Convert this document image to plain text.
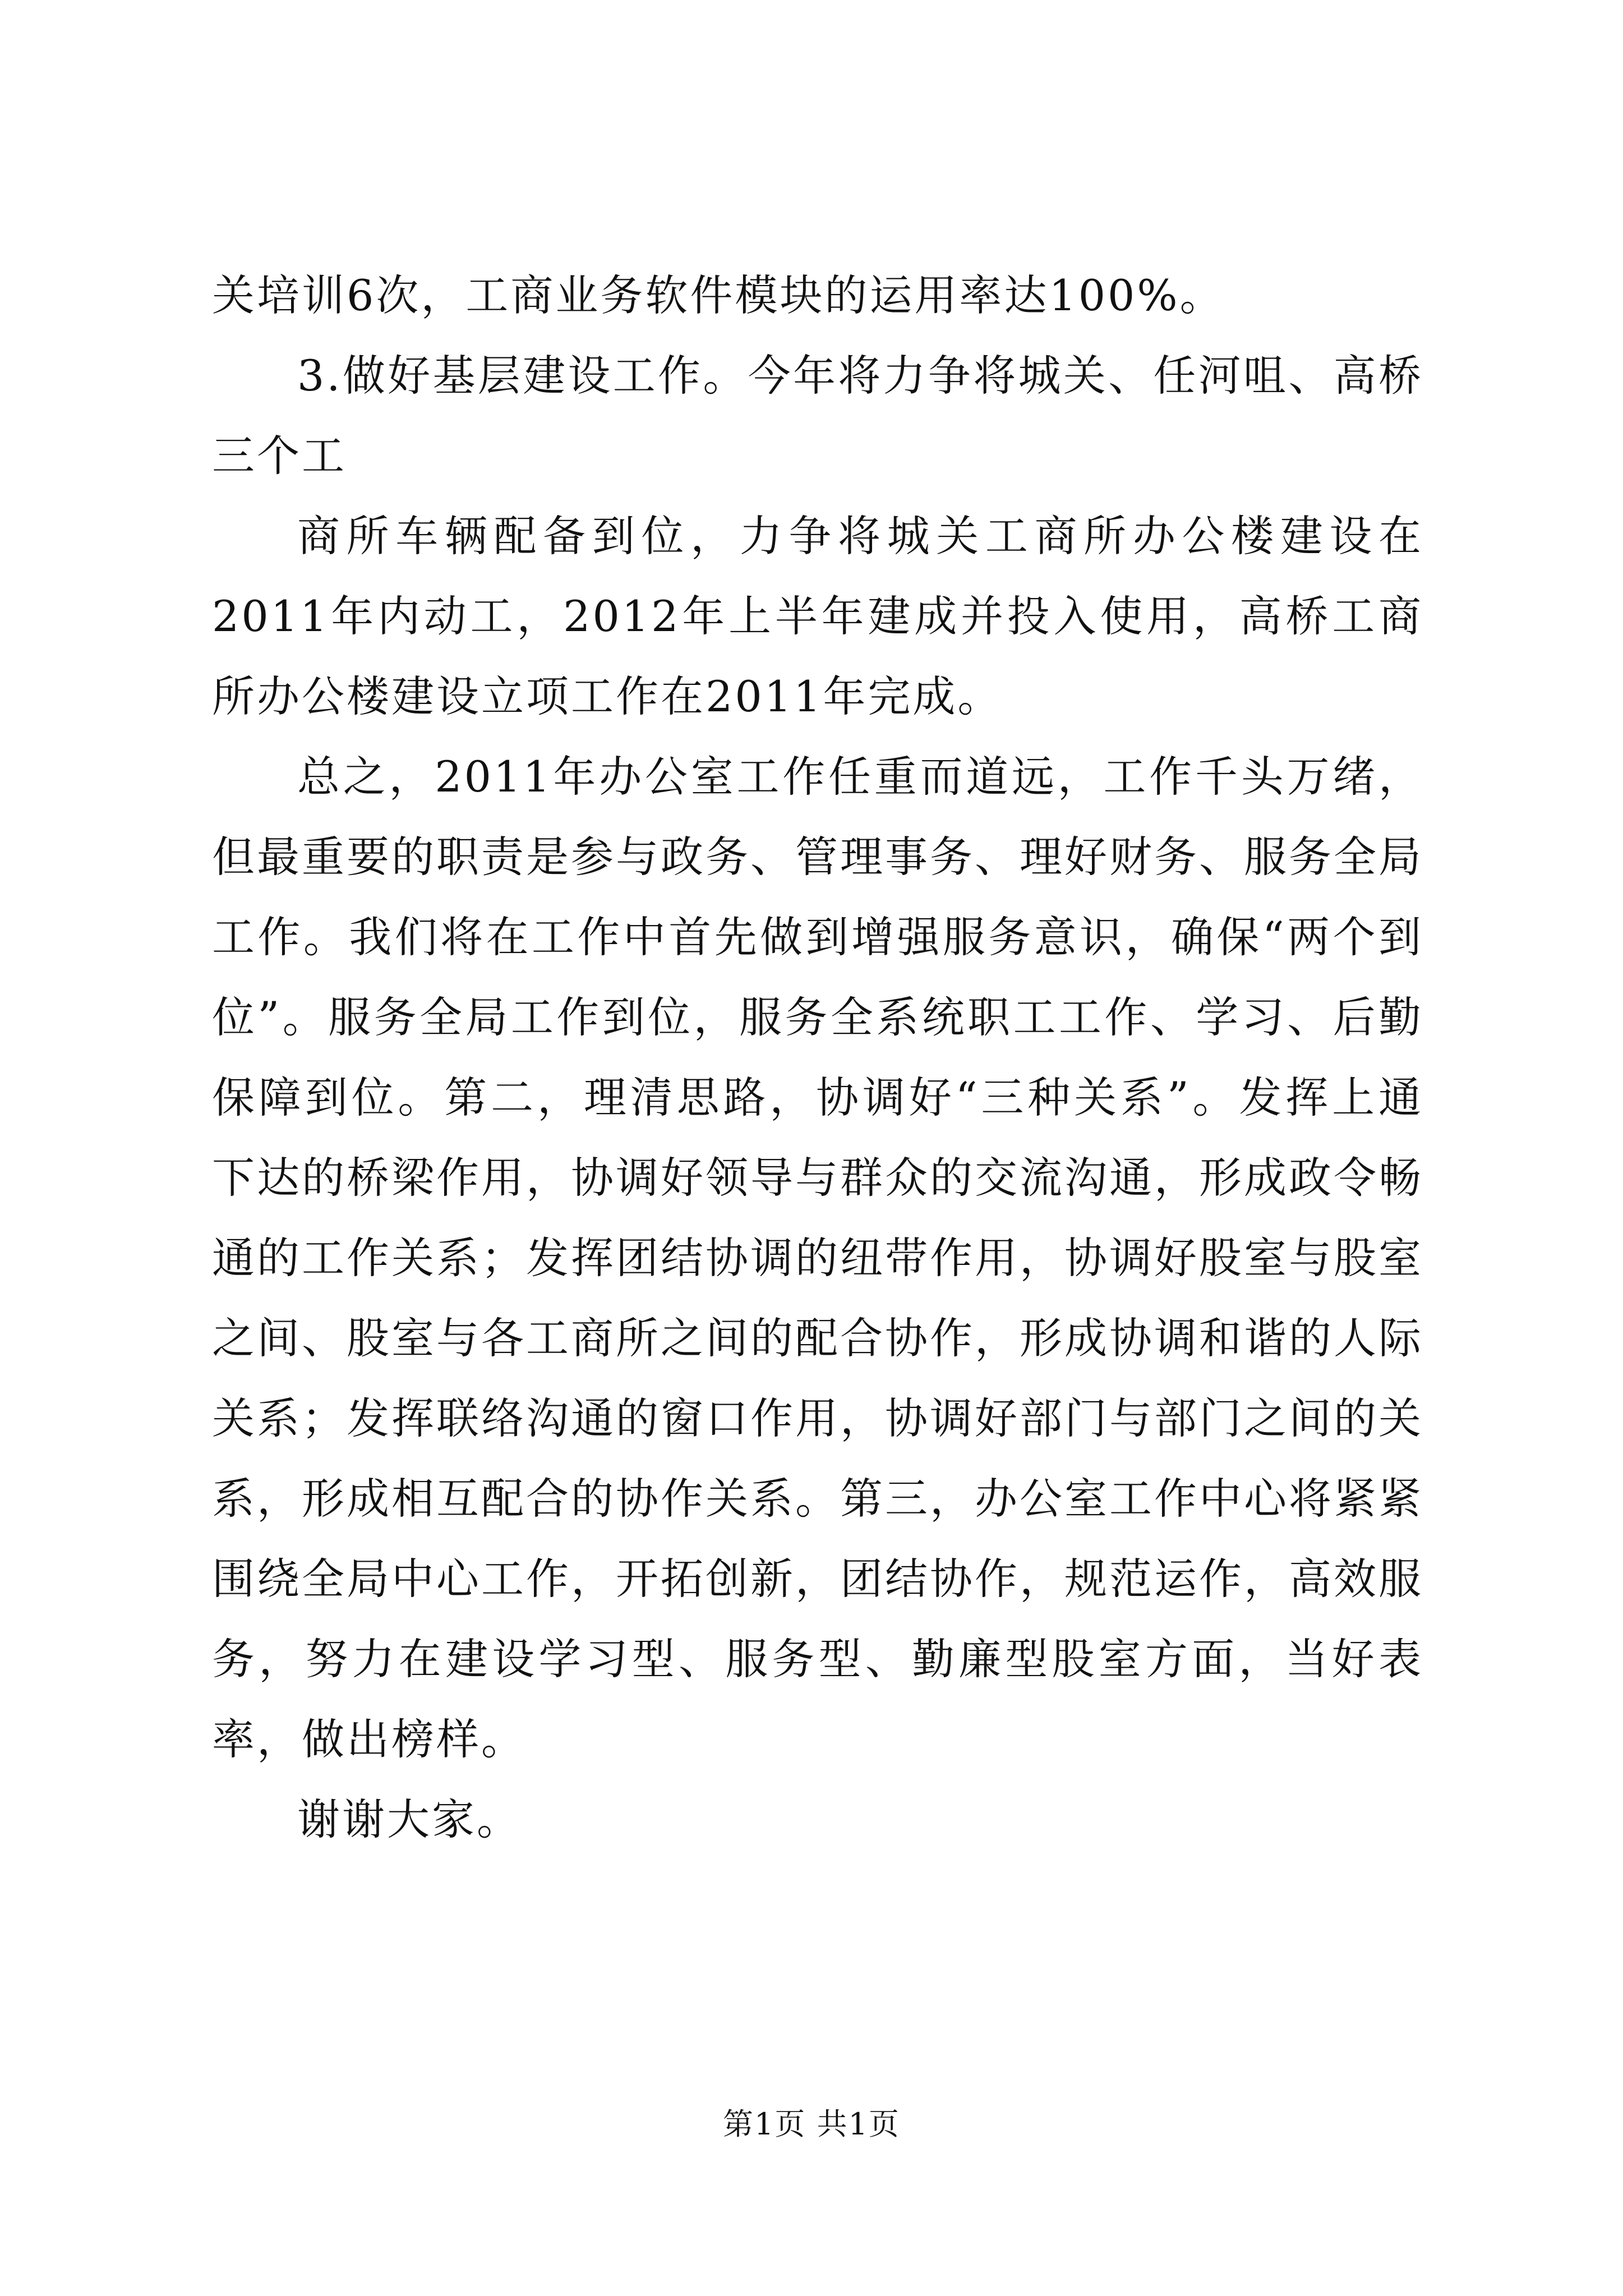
关培训6次，工商业务软件模块的运用率达100%。

3.做好基层建设工作。今年将力争将城关、任河咀、高桥三个工

商所车辆配备到位，力争将城关工商所办公楼建设在2011年内动工，2012年上半年建成并投入使用，高桥工商所办公楼建设立项工作在2011年完成。

总之，2011年办公室工作任重而道远，工作千头万绪，但最重要的职责是参与政务、管理事务、理好财务、服务全局工作。我们将在工作中首先做到增强服务意识，确保“两个到位”。服务全局工作到位，服务全系统职工工作、学习、后勤保障到位。第二，理清思路，协调好“三种关系”。发挥上通下达的桥梁作用，协调好领导与群众的交流沟通，形成政令畅通的工作关系；发挥团结协调的纽带作用，协调好股室与股室之间、股室与各工商所之间的配合协作，形成协调和谐的人际关系；发挥联络沟通的窗口作用，协调好部门与部门之间的关系，形成相互配合的协作关系。第三，办公室工作中心将紧紧围绕全局中心工作，开拓创新，团结协作，规范运作，高效服务，努力在建设学习型、服务型、勤廉型股室方面，当好表率，做出榜样。

谢谢大家。

第1页 共1页
